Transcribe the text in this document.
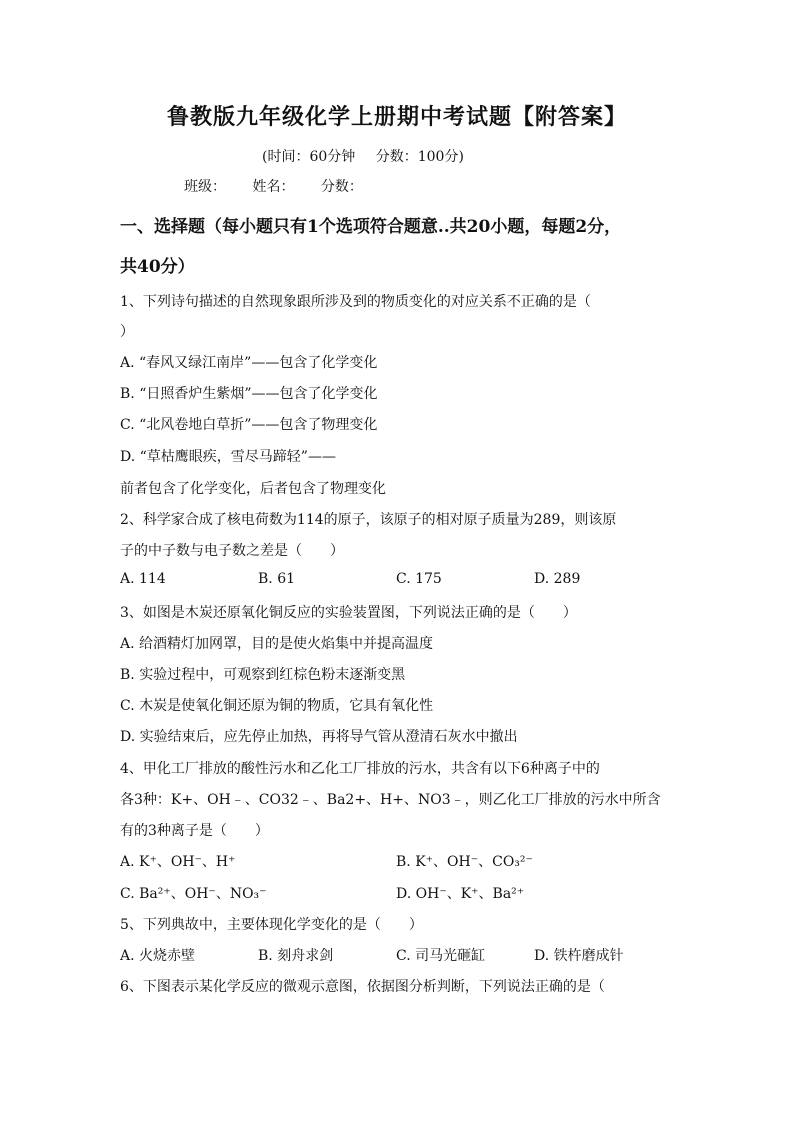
鲁教版九年级化学上册期中考试题【附答案】
(时间：60分钟 分数：100分)
班级： 姓名： 分数：
一、选择题（每小题只有1个选项符合题意..共20小题，每题2分，
共40分）
1、下列诗句描述的自然现象跟所涉及到的物质变化的对应关系不正确的是（
）
A. “春风又绿江南岸”——包含了化学变化
B. “日照香炉生紫烟”——包含了化学变化
C. “北风卷地白草折”——包含了物理变化
D. “草枯鹰眼疾，雪尽马蹄轻”——
前者包含了化学变化，后者包含了物理变化
2、科学家合成了核电荷数为114的原子，该原子的相对原子质量为289，则该原
子的中子数与电子数之差是（　　）
A. 114	B. 61	C. 175	D. 289
3、如图是木炭还原氧化铜反应的实验装置图，下列说法正确的是（　　）
A. 给酒精灯加网罩，目的是使火焰集中并提高温度
B. 实验过程中，可观察到红棕色粉末逐渐变黑
C. 木炭是使氧化铜还原为铜的物质，它具有氧化性
D. 实验结束后，应先停止加热，再将导气管从澄清石灰水中撤出
4、甲化工厂排放的酸性污水和乙化工厂排放的污水，共含有以下6种离子中的
各3种：K+、OH﹣、CO32﹣、Ba2+、H+、NO3﹣，则乙化工厂排放的污水中所含
有的3种离子是（　　）
A. K⁺、OH⁻、H⁺	B. K⁺、OH⁻、CO₃²⁻
C. Ba²⁺、OH⁻、NO₃⁻	D. OH⁻、K⁺、Ba²⁺
5、下列典故中，主要体现化学变化的是（　　）
A. 火烧赤壁	B. 刻舟求剑	C. 司马光砸缸	D. 铁杵磨成针
6、下图表示某化学反应的微观示意图，依据图分析判断，下列说法正确的是（
